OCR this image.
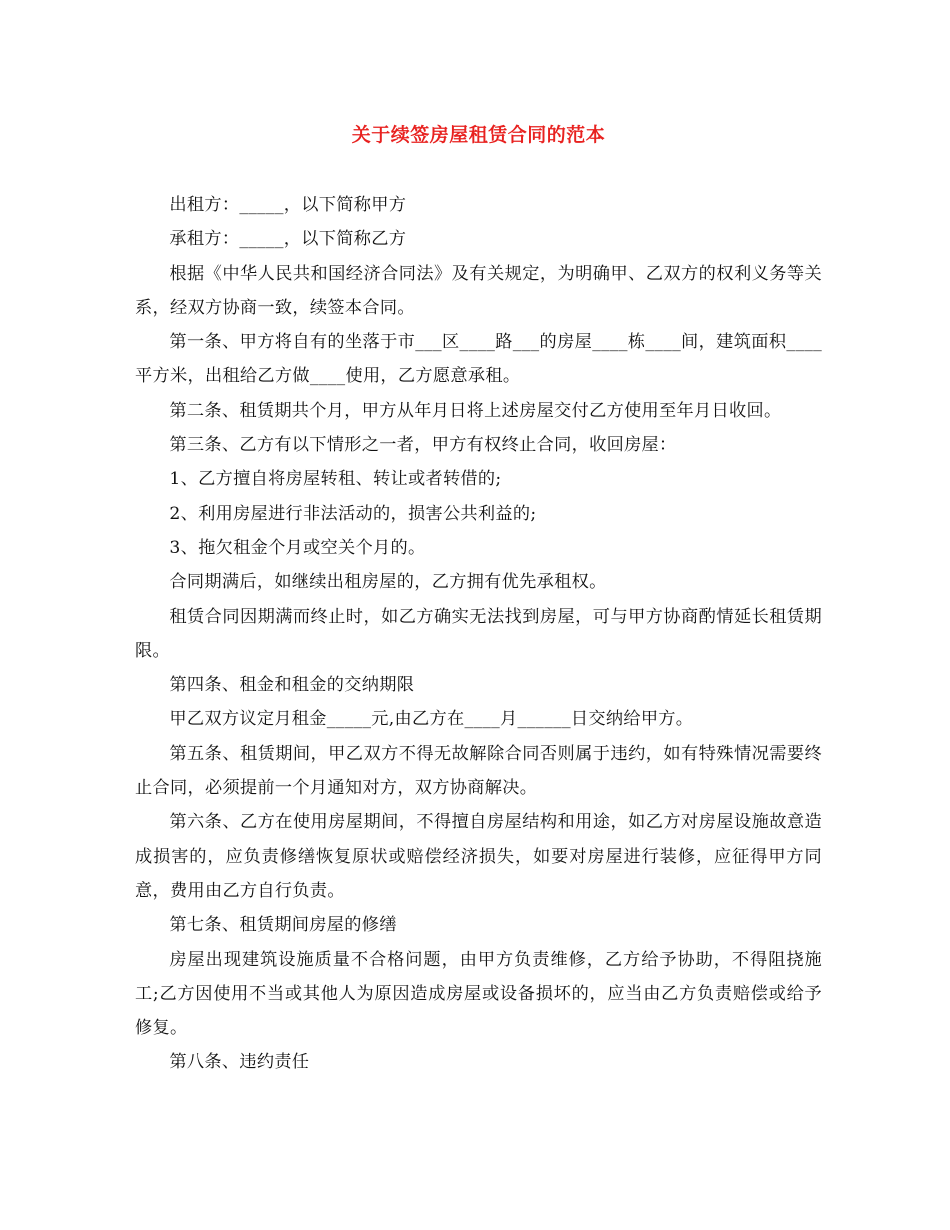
关于续签房屋租赁合同的范本

出租方：_____，以下简称甲方

承租方：_____，以下简称乙方

根据《中华人民共和国经济合同法》及有关规定，为明确甲、乙双方的权利义务等关系，经双方协商一致，续签本合同。

第一条、甲方将自有的坐落于市___区____路___的房屋____栋____间，建筑面积____平方米，出租给乙方做____使用，乙方愿意承租。

第二条、租赁期共个月，甲方从年月日将上述房屋交付乙方使用至年月日收回。

第三条、乙方有以下情形之一者，甲方有权终止合同，收回房屋：

1、乙方擅自将房屋转租、转让或者转借的;

2、利用房屋进行非法活动的，损害公共利益的;

3、拖欠租金个月或空关个月的。

合同期满后，如继续出租房屋的，乙方拥有优先承租权。

租赁合同因期满而终止时，如乙方确实无法找到房屋，可与甲方协商酌情延长租赁期限。

第四条、租金和租金的交纳期限

甲乙双方议定月租金_____元,由乙方在____月______日交纳给甲方。

第五条、租赁期间，甲乙双方不得无故解除合同否则属于违约，如有特殊情况需要终止合同，必须提前一个月通知对方，双方协商解决。

第六条、乙方在使用房屋期间，不得擅自房屋结构和用途，如乙方对房屋设施故意造成损害的，应负责修缮恢复原状或赔偿经济损失，如要对房屋进行装修，应征得甲方同意，费用由乙方自行负责。

第七条、租赁期间房屋的修缮

房屋出现建筑设施质量不合格问题，由甲方负责维修，乙方给予协助，不得阻挠施工;乙方因使用不当或其他人为原因造成房屋或设备损坏的，应当由乙方负责赔偿或给予修复。

第八条、违约责任
